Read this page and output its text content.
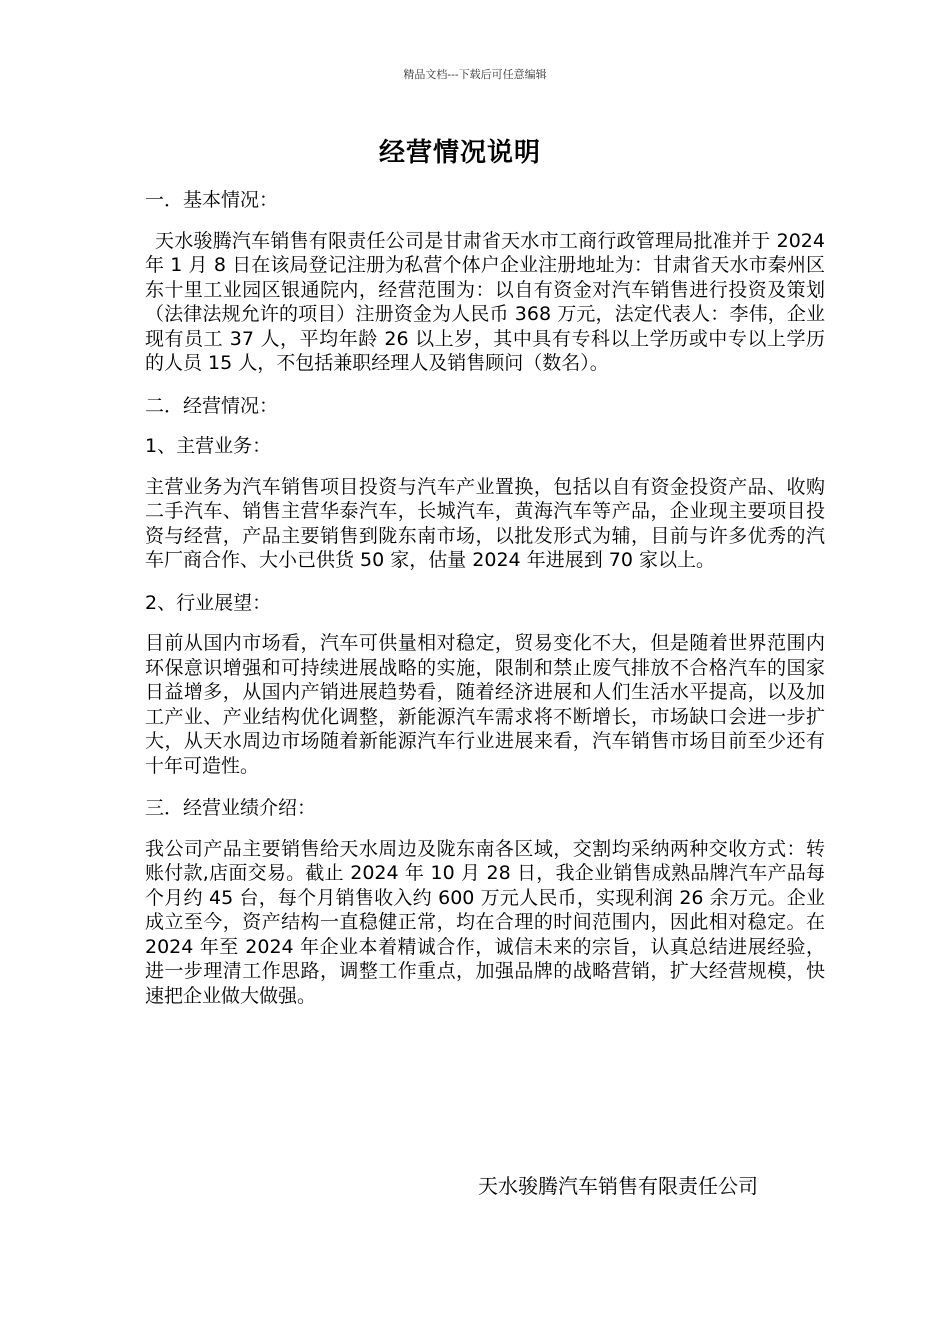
精品文档---下载后可任意编辑
经营情况说明

一．基本情况：

天水骏腾汽车销售有限责任公司是甘肃省天水市工商行政管理局批准并于 2024 年 1 月 8 日在该局登记注册为私营个体户企业注册地址为：甘肃省天水市秦州区东十里工业园区银通院内，经营范围为：以自有资金对汽车销售进行投资及策划（法律法规允许的项目）注册资金为人民币 368 万元，法定代表人：李伟，企业现有员工 37 人，平均年龄 26 以上岁，其中具有专科以上学历或中专以上学历的人员 15 人，不包括兼职经理人及销售顾问（数名）。

二．经营情况：

1、主营业务：

主营业务为汽车销售项目投资与汽车产业置换，包括以自有资金投资产品、收购二手汽车、销售主营华泰汽车，长城汽车，黄海汽车等产品，企业现主要项目投资与经营，产品主要销售到陇东南市场，以批发形式为辅，目前与许多优秀的汽车厂商合作、大小已供货 50 家，估量 2024 年进展到 70 家以上。

2、行业展望：

目前从国内市场看，汽车可供量相对稳定，贸易变化不大，但是随着世界范围内环保意识增强和可持续进展战略的实施，限制和禁止废气排放不合格汽车的国家日益增多，从国内产销进展趋势看，随着经济进展和人们生活水平提高，以及加工产业、产业结构优化调整，新能源汽车需求将不断增长，市场缺口会进一步扩大，从天水周边市场随着新能源汽车行业进展来看，汽车销售市场目前至少还有十年可造性。

三．经营业绩介绍：

我公司产品主要销售给天水周边及陇东南各区域，交割均采纳两种交收方式：转账付款,店面交易。截止 2024 年 10 月 28 日，我企业销售成熟品牌汽车产品每个月约 45 台，每个月销售收入约 600 万元人民币，实现利润 26 余万元。企业成立至今，资产结构一直稳健正常，均在合理的时间范围内，因此相对稳定。在 2024 年至 2024 年企业本着精诚合作，诚信未来的宗旨，认真总结进展经验，进一步理清工作思路，调整工作重点，加强品牌的战略营销，扩大经营规模，快速把企业做大做强。

天水骏腾汽车销售有限责任公司
